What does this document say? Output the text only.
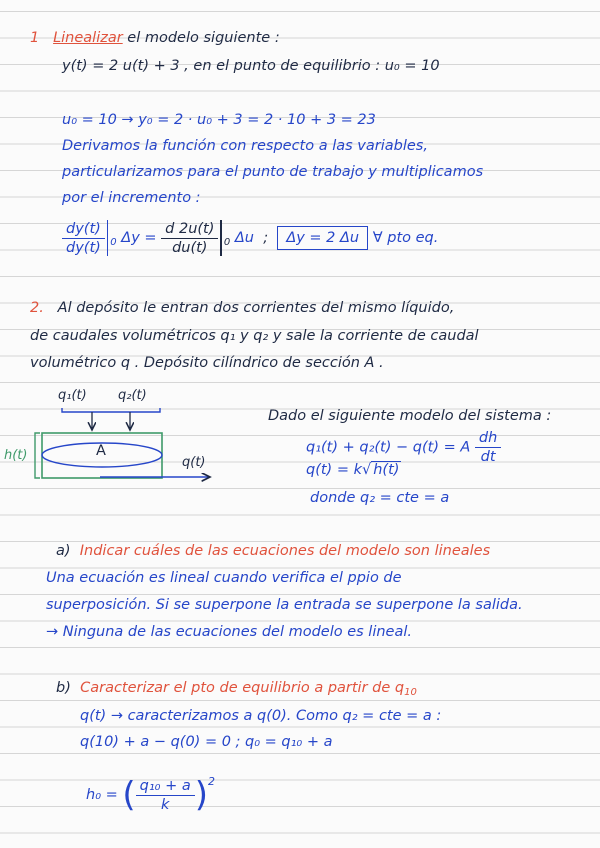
1 Linealizar el modelo siguiente :
y(t) = 2 u(t) + 3 , en el punto de equilibrio : u₀ = 10
u₀ = 10 → y₀ = 2 · u₀ + 3 = 2 · 10 + 3 = 23
Derivamos la función con respecto a las variables,
particularizamos para el punto de trabajo y multiplicamos
por el incremento :
$\frac{dy(t)}{dy(t)} _0$ $\Delta y = \frac{d 2u(t)}{du(t)} _0$ Δu ; Δy = 2 Δu ∀ pto eq.
2. Al depósito le entran dos corrientes del mismo líquido,
de caudales volumétricos q₁ y q₂ y sale la corriente de caudal
volumétrico q . Depósito cilíndrico de sección A .
q₁(t) q₂(t)
A
q(t)
h(t)
Dado el siguiente modelo del sistema :
q₁(t) + q₂(t) − q(t) = A $\frac{dh}{dt}$
q(t) = k√ h(t)
donde q₂ = cte = a
a) Indicar cuáles de las ecuaciones del modelo son lineales
Una ecuación es lineal cuando verifica el ppio de
superposición. Si se superpone la entrada se superpone la salida.
→ Ninguna de las ecuaciones del modelo es lineal.
b) Caracterizar el pto de equilibrio a partir de $q_{10}$
q(t) → caracterizamos a q(0). Como q₂ = cte = a :
q(10) + a − q(0) = 0 ; q₀ = q₁₀ + a
h₀ = ( $\frac{\text{q₁₀ + a}}{k} )^2$
